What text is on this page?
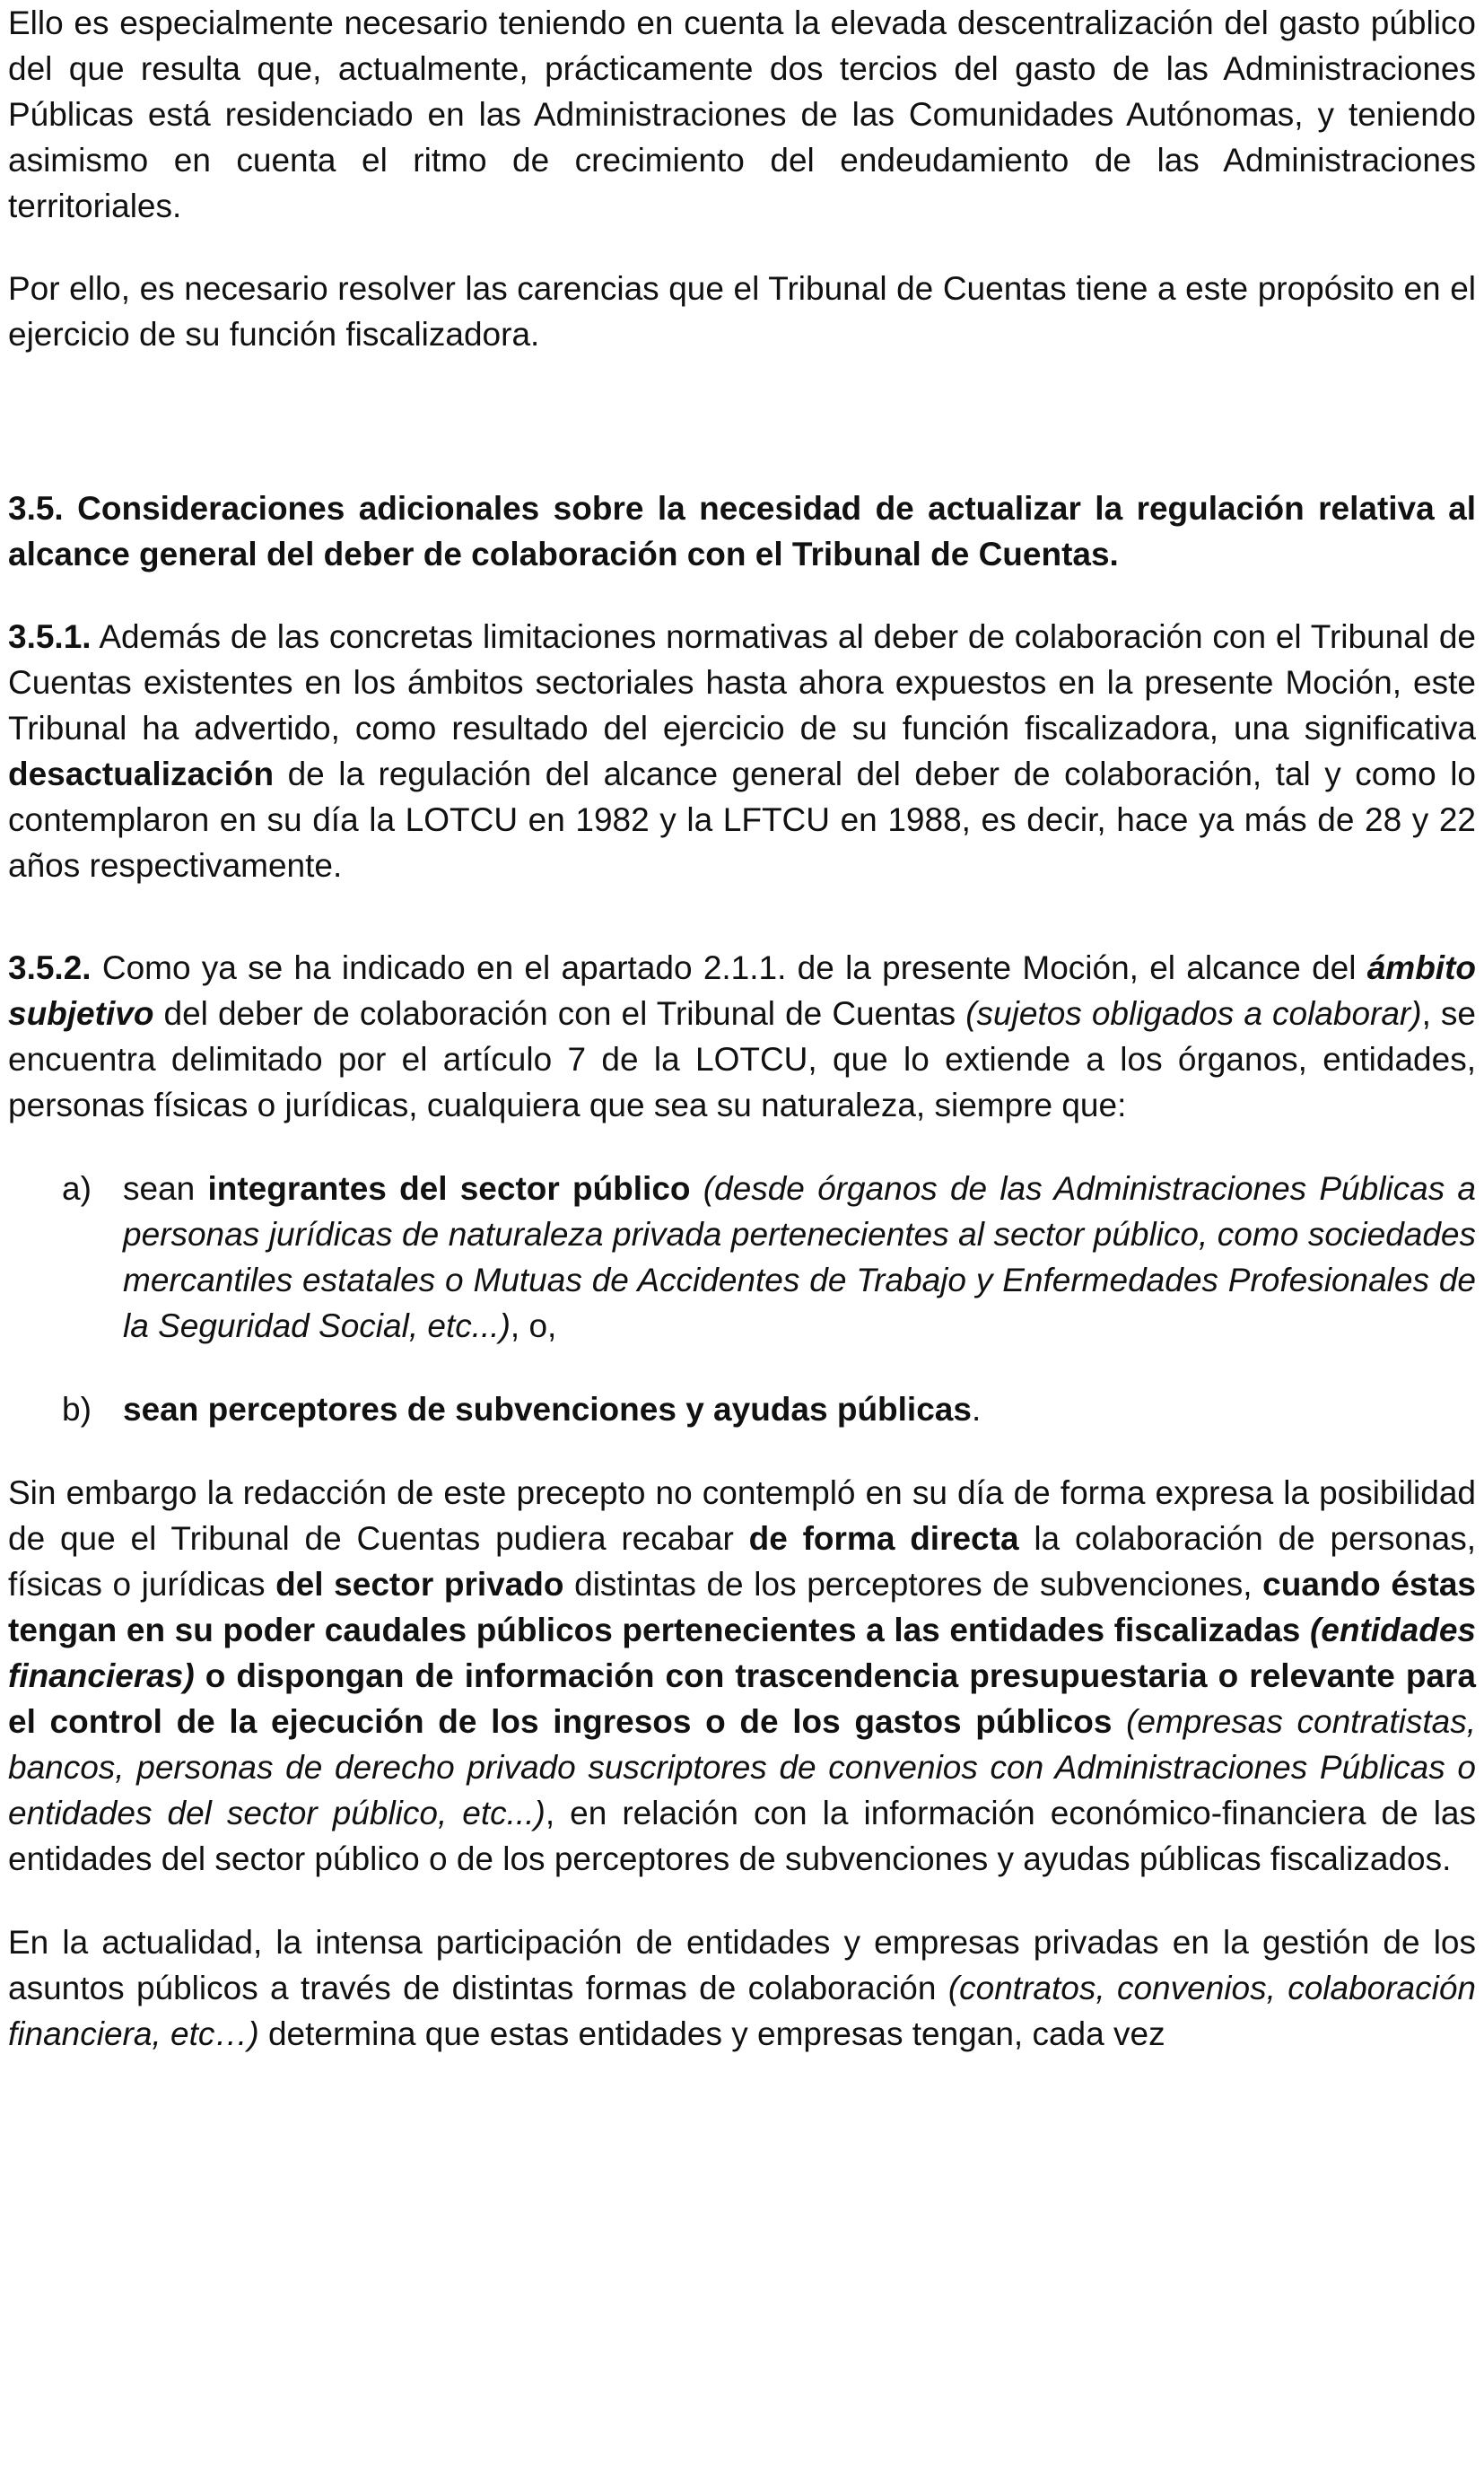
Ello es especialmente necesario teniendo en cuenta la elevada descentralización del gasto público del que resulta que, actualmente, prácticamente dos tercios del gasto de las Administraciones Públicas está residenciado en las Administraciones de las Comunidades Autónomas, y teniendo asimismo en cuenta el ritmo de crecimiento del endeudamiento de las Administraciones territoriales.

Por ello, es necesario resolver las carencias que el Tribunal de Cuentas tiene a este propósito en el ejercicio de su función fiscalizadora.

3.5. Consideraciones adicionales sobre la necesidad de actualizar la regulación relativa al alcance general del deber de colaboración con el Tribunal de Cuentas.

3.5.1. Además de las concretas limitaciones normativas al deber de colaboración con el Tribunal de Cuentas existentes en los ámbitos sectoriales hasta ahora expuestos en la presente Moción, este Tribunal ha advertido, como resultado del ejercicio de su función fiscalizadora, una significativa desactualización de la regulación del alcance general del deber de colaboración, tal y como lo contemplaron en su día la LOTCU en 1982 y la LFTCU en 1988, es decir, hace ya más de 28 y 22 años respectivamente.

3.5.2. Como ya se ha indicado en el apartado 2.1.1. de la presente Moción, el alcance del ámbito subjetivo del deber de colaboración con el Tribunal de Cuentas (sujetos obligados a colaborar), se encuentra delimitado por el artículo 7 de la LOTCU, que lo extiende a los órganos, entidades, personas físicas o jurídicas, cualquiera que sea su naturaleza, siempre que:

a) sean integrantes del sector público (desde órganos de las Administraciones Públicas a personas jurídicas de naturaleza privada pertenecientes al sector público, como sociedades mercantiles estatales o Mutuas de Accidentes de Trabajo y Enfermedades Profesionales de la Seguridad Social, etc...), o,
b) sean perceptores de subvenciones y ayudas públicas.

Sin embargo la redacción de este precepto no contempló en su día de forma expresa la posibilidad de que el Tribunal de Cuentas pudiera recabar de forma directa la colaboración de personas, físicas o jurídicas del sector privado distintas de los perceptores de subvenciones, cuando éstas tengan en su poder caudales públicos pertenecientes a las entidades fiscalizadas (entidades financieras) o dispongan de información con trascendencia presupuestaria o relevante para el control de la ejecución de los ingresos o de los gastos públicos (empresas contratistas, bancos, personas de derecho privado suscriptores de convenios con Administraciones Públicas o entidades del sector público, etc...), en relación con la información económico-financiera de las entidades del sector público o de los perceptores de subvenciones y ayudas públicas fiscalizados.

En la actualidad, la intensa participación de entidades y empresas privadas en la gestión de los asuntos públicos a través de distintas formas de colaboración (contratos, convenios, colaboración financiera, etc…) determina que estas entidades y empresas tengan, cada vez
